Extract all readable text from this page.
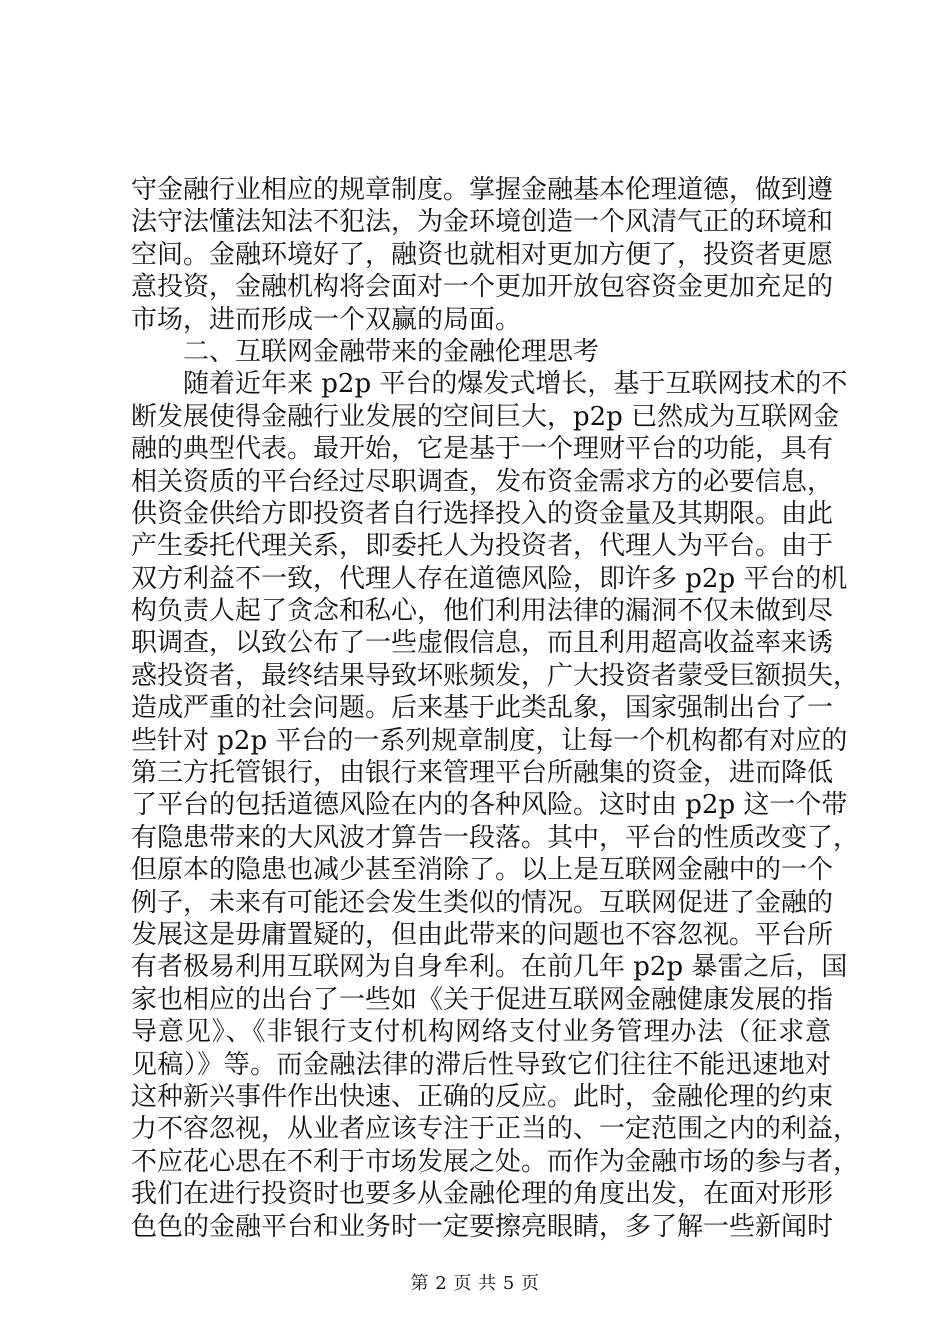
守金融行业相应的规章制度。掌握金融基本伦理道德，做到遵
法守法懂法知法不犯法，为金环境创造一个风清气正的环境和
空间。金融环境好了，融资也就相对更加方便了，投资者更愿
意投资，金融机构将会面对一个更加开放包容资金更加充足的
市场，进而形成一个双赢的局面。
二、互联网金融带来的金融伦理思考
随着近年来 p2p 平台的爆发式增长，基于互联网技术的不
断发展使得金融行业发展的空间巨大，p2p 已然成为互联网金
融的典型代表。最开始，它是基于一个理财平台的功能，具有
相关资质的平台经过尽职调查，发布资金需求方的必要信息，
供资金供给方即投资者自行选择投入的资金量及其期限。由此
产生委托代理关系，即委托人为投资者，代理人为平台。由于
双方利益不一致，代理人存在道德风险，即许多 p2p 平台的机
构负责人起了贪念和私心，他们利用法律的漏洞不仅未做到尽
职调查，以致公布了一些虚假信息，而且利用超高收益率来诱
惑投资者，最终结果导致坏账频发，广大投资者蒙受巨额损失，
造成严重的社会问题。后来基于此类乱象，国家强制出台了一
些针对 p2p 平台的一系列规章制度，让每一个机构都有对应的
第三方托管银行，由银行来管理平台所融集的资金，进而降低
了平台的包括道德风险在内的各种风险。这时由 p2p 这一个带
有隐患带来的大风波才算告一段落。其中，平台的性质改变了，
但原本的隐患也减少甚至消除了。以上是互联网金融中的一个
例子，未来有可能还会发生类似的情况。互联网促进了金融的
发展这是毋庸置疑的，但由此带来的问题也不容忽视。平台所
有者极易利用互联网为自身牟利。在前几年 p2p 暴雷之后，国
家也相应的出台了一些如《关于促进互联网金融健康发展的指
导意见》、《非银行支付机构网络支付业务管理办法（征求意
见稿）》等。而金融法律的滞后性导致它们往往不能迅速地对
这种新兴事件作出快速、正确的反应。此时，金融伦理的约束
力不容忽视，从业者应该专注于正当的、一定范围之内的利益，
不应花心思在不利于市场发展之处。而作为金融市场的参与者，
我们在进行投资时也要多从金融伦理的角度出发，在面对形形
色色的金融平台和业务时一定要擦亮眼睛，多了解一些新闻时
第 2 页 共 5 页
